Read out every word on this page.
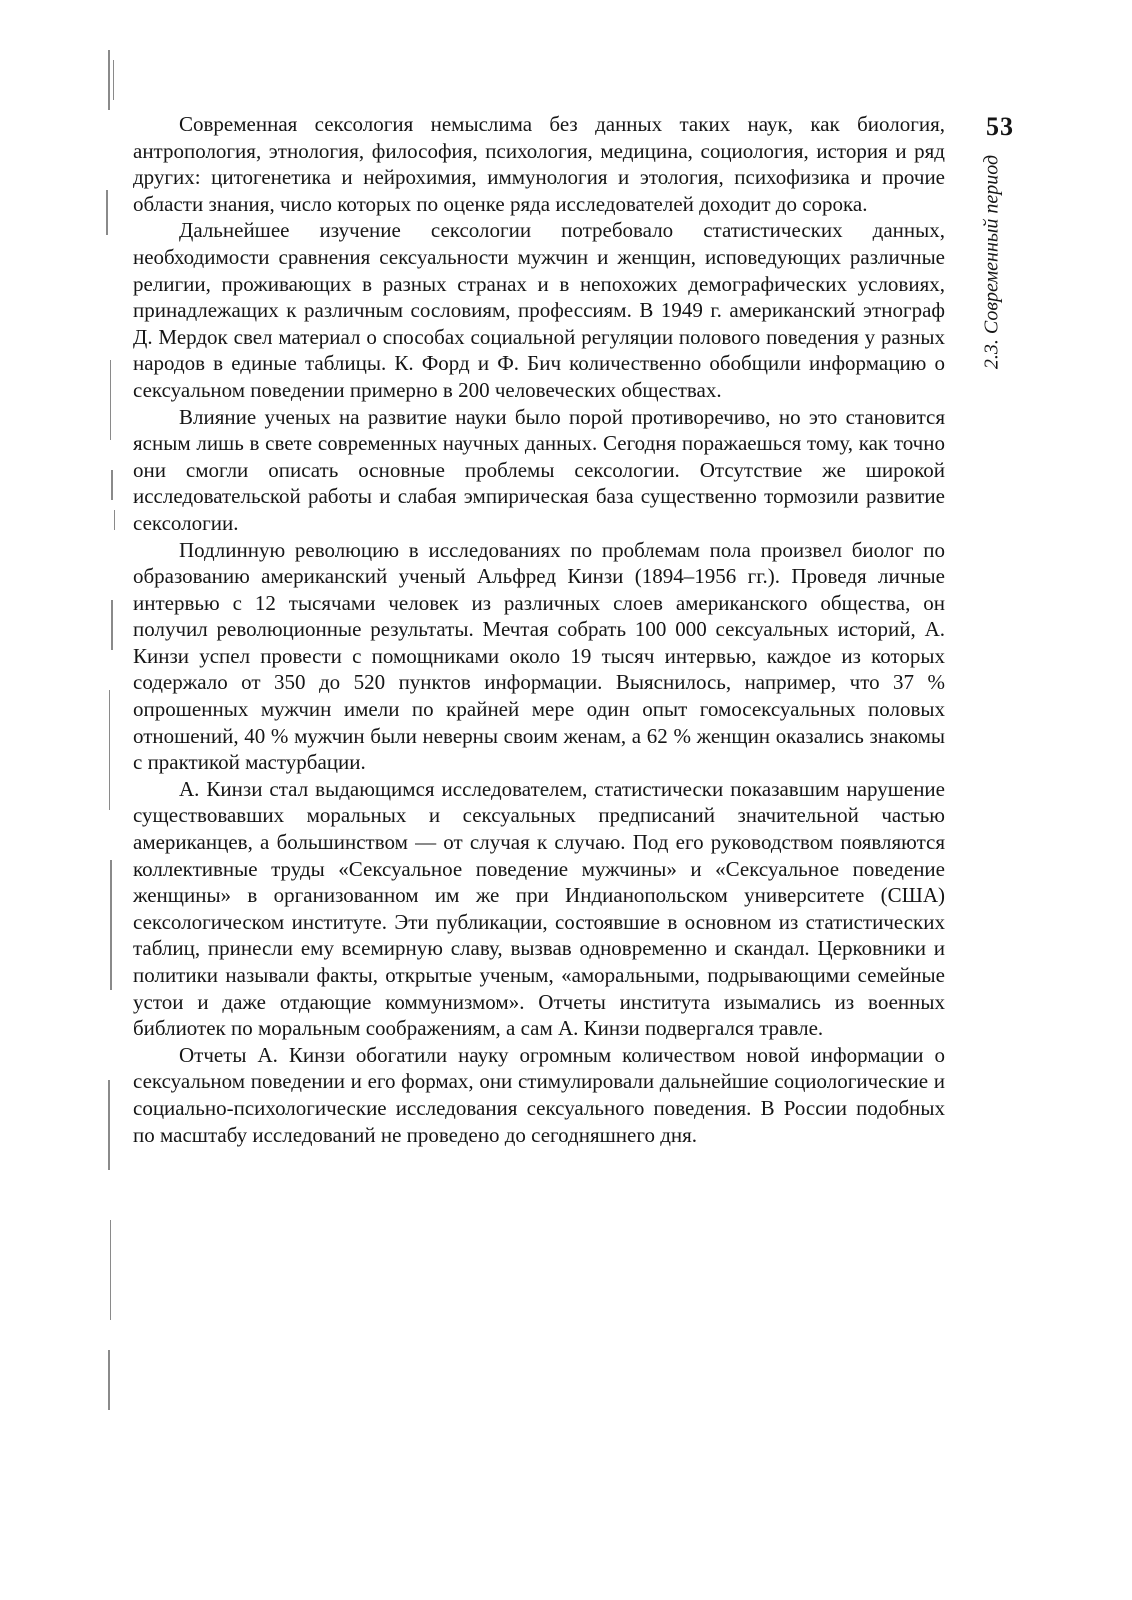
53
2.3. Современный период

Современная сексология немыслима без данных таких наук, как биология, антропология, этнология, философия, психология, медицина, социология, история и ряд других: цитогенетика и нейрохимия, иммунология и этология, психофизика и прочие области знания, число которых по оценке ряда исследователей доходит до сорока.

Дальнейшее изучение сексологии потребовало статистических данных, необходимости сравнения сексуальности мужчин и женщин, исповедующих различные религии, проживающих в разных странах и в непохожих демографических условиях, принадлежащих к различным сословиям, профессиям. В 1949 г. американский этнограф Д. Мердок свел материал о способах социальной регуляции полового поведения у разных народов в единые таблицы. К. Форд и Ф. Бич количественно обобщили информацию о сексуальном поведении примерно в 200 человеческих обществах.

Влияние ученых на развитие науки было порой противоречиво, но это становится ясным лишь в свете современных научных данных. Сегодня поражаешься тому, как точно они смогли описать основные проблемы сексологии. Отсутствие же широкой исследовательской работы и слабая эмпирическая база существенно тормозили развитие сексологии.

Подлинную революцию в исследованиях по проблемам пола произвел биолог по образованию американский ученый Альфред Кинзи (1894–1956 гг.). Проведя личные интервью с 12 тысячами человек из различных слоев американского общества, он получил революционные результаты. Мечтая собрать 100 000 сексуальных историй, А. Кинзи успел провести с помощниками около 19 тысяч интервью, каждое из которых содержало от 350 до 520 пунктов информации. Выяснилось, например, что 37 % опрошенных мужчин имели по крайней мере один опыт гомосексуальных половых отношений, 40 % мужчин были неверны своим женам, а 62 % женщин оказались знакомы с практикой мастурбации.

А. Кинзи стал выдающимся исследователем, статистически показавшим нарушение существовавших моральных и сексуальных предписаний значительной частью американцев, а большинством — от случая к случаю. Под его руководством появляются коллективные труды «Сексуальное поведение мужчины» и «Сексуальное поведение женщины» в организованном им же при Индианопольском университете (США) сексологическом институте. Эти публикации, состоявшие в основном из статистических таблиц, принесли ему всемирную славу, вызвав одновременно и скандал. Церковники и политики называли факты, открытые ученым, «аморальными, подрывающими семейные устои и даже отдающие коммунизмом». Отчеты института изымались из военных библиотек по моральным соображениям, а сам А. Кинзи подвергался травле.

Отчеты А. Кинзи обогатили науку огромным количеством новой информации о сексуальном поведении и его формах, они стимулировали дальнейшие социологические и социально-психологические исследования сексуального поведения. В России подобных по масштабу исследований не проведено до сегодняшнего дня.
